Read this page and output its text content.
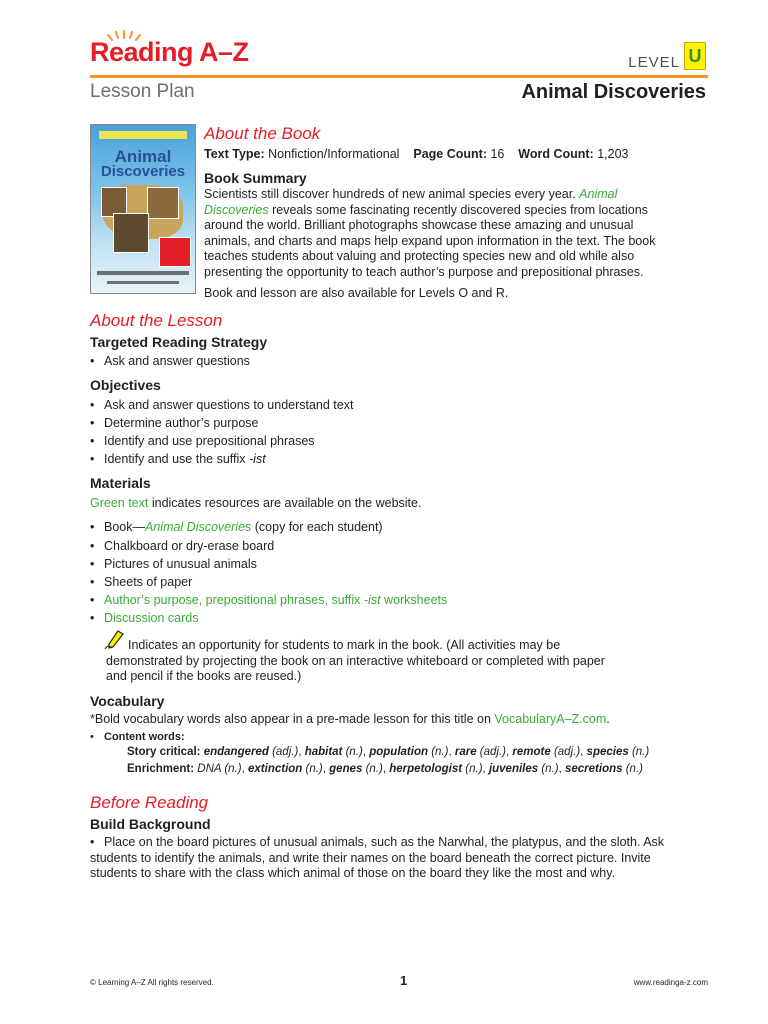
Reading A–Z	LEVEL U
Lesson Plan	Animal Discoveries
Animal
Discoveries
About the Book
Text Type: Nonfiction/Informational Page Count: 16 Word Count: 1,203
Book Summary
Scientists still discover hundreds of new animal species every year. Animal Discoveries reveals some fascinating recently discovered species from locations around the world. Brilliant photographs showcase these amazing and unusual animals, and charts and maps help expand upon information in the text. The book teaches students about valuing and protecting species new and old while also presenting the opportunity to teach author’s purpose and prepositional phrases.
Book and lesson are also available for Levels O and R.
About the Lesson
Targeted Reading Strategy
• Ask and answer questions
Objectives
• Ask and answer questions to understand text
• Determine author’s purpose
• Identify and use prepositional phrases
• Identify and use the suffix -ist
Materials
Green text indicates resources are available on the website.
• Book—Animal Discoveries (copy for each student)
• Chalkboard or dry-erase board
• Pictures of unusual animals
• Sheets of paper
• Author’s purpose, prepositional phrases, suffix -ist worksheets
• Discussion cards
Indicates an opportunity for students to mark in the book. (All activities may be demonstrated by projecting the book on an interactive whiteboard or completed with paper and pencil if the books are reused.)
Vocabulary
*Bold vocabulary words also appear in a pre-made lesson for this title on VocabularyA–Z.com.
• Content words:
Story critical: endangered (adj.), habitat (n.), population (n.), rare (adj.), remote (adj.), species (n.)
Enrichment: DNA (n.), extinction (n.), genes (n.), herpetologist (n.), juveniles (n.), secretions (n.)
Before Reading
Build Background
• Place on the board pictures of unusual animals, such as the Narwhal, the platypus, and the sloth. Ask students to identify the animals, and write their names on the board beneath the correct picture. Invite students to share with the class which animal of those on the board they like the most and why.
© Learning A–Z All rights reserved.	1	www.readinga-z.com
